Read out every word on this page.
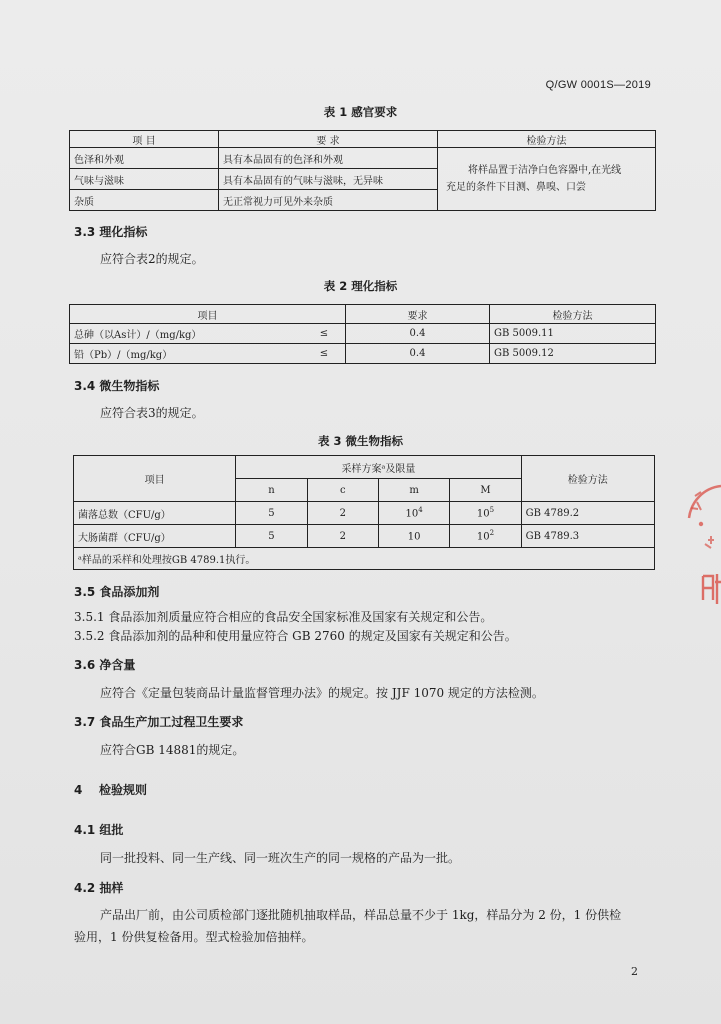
Q/GW 0001S—2019
表 1 感官要求
项 目	要 求	检验方法
色泽和外观	具有本品固有的色泽和外观	将样品置于洁净白色容器中,在光线
充足的条件下目测、鼻嗅、口尝

气味与滋味	具有本品固有的气味与滋味，无异味	
杂质	无正常视力可见外来杂质	
3.3 理化指标
应符合表2的规定。
表 2 理化指标
项目		要求	检验方法
总砷（以As计）/（mg/kg）	≤	0.4	GB 5009.11
铅（Pb）/（mg/kg）	≤	0.4	GB 5009.12
3.4 微生物指标
应符合表3的规定。
表 3 微生物指标
项目	采样方案ᵃ及限量				检验方法
	n	c	m	M	
菌落总数（CFU/g）	5	2	$10^4$	$10^5$	GB 4789.2
大肠菌群（CFU/g）	5	2	10	$10^2$	GB 4789.3
ᵃ样品的采样和处理按GB 4789.1执行。					
3.5 食品添加剂
3.5.1 食品添加剂质量应符合相应的食品安全国家标准及国家有关规定和公告。
3.5.2 食品添加剂的品种和使用量应符合 GB 2760 的规定及国家有关规定和公告。
3.6 净含量
应符合《定量包装商品计量监督管理办法》的规定。按 JJF 1070 规定的方法检测。
3.7 食品生产加工过程卫生要求
应符合GB 14881的规定。
4    检验规则
4.1 组批
同一批投料、同一生产线、同一班次生产的同一规格的产品为一批。
4.2 抽样
产品出厂前，由公司质检部门逐批随机抽取样品，样品总量不少于 1kg，样品分为 2 份，1 份供检
验用，1 份供复检备用。型式检验加倍抽样。
2
